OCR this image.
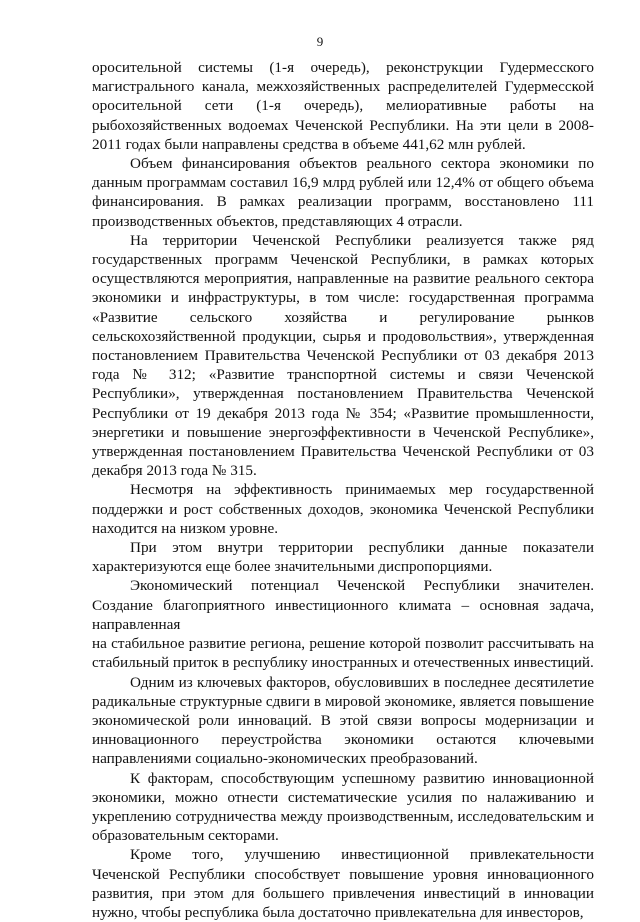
9

оросительной системы (1-я очередь), реконструкции Гудермесского магистрального канала, межхозяйственных распределителей Гудермесской оросительной сети (1-я очередь), мелиоративные работы на рыбохозяйственных водоемах Чеченской Республики. На эти цели в 2008-2011 годах были направлены средства в объеме 441,62 млн рублей.

Объем финансирования объектов реального сектора экономики по данным программам составил 16,9 млрд рублей или 12,4% от общего объема финансирования. В рамках реализации программ, восстановлено 111 производственных объектов, представляющих 4 отрасли.

На территории Чеченской Республики реализуется также ряд государственных программ Чеченской Республики, в рамках которых осуществляются мероприятия, направленные на развитие реального сектора экономики и инфраструктуры, в том числе: государственная программа «Развитие сельского хозяйства и регулирование рынков сельскохозяйственной продукции, сырья и продовольствия», утвержденная постановлением Правительства Чеченской Республики от 03 декабря 2013 года № 312; «Развитие транспортной системы и связи Чеченской Республики», утвержденная постановлением Правительства Чеченской Республики от 19 декабря 2013 года № 354; «Развитие промышленности, энергетики и повышение энергоэффективности в Чеченской Республике», утвержденная постановлением Правительства Чеченской Республики от 03 декабря 2013 года № 315.

Несмотря на эффективность принимаемых мер государственной поддержки и рост собственных доходов, экономика Чеченской Республики находится на низком уровне.

При этом внутри территории республики данные показатели характеризуются еще более значительными диспропорциями.

Экономический потенциал Чеченской Республики значителен. Создание благоприятного инвестиционного климата – основная задача, направленная

на стабильное развитие региона, решение которой позволит рассчитывать на стабильный приток в республику иностранных и отечественных инвестиций.

Одним из ключевых факторов, обусловивших в последнее десятилетие радикальные структурные сдвиги в мировой экономике, является повышение экономической роли инноваций. В этой связи вопросы модернизации и инновационного переустройства экономики остаются ключевыми направлениями социально-экономических преобразований.

К факторам, способствующим успешному развитию инновационной экономики, можно отнести систематические усилия по налаживанию и укреплению сотрудничества между производственным, исследовательским и образовательным секторами.

Кроме того, улучшению инвестиционной привлекательности Чеченской Республики способствует повышение уровня инновационного развития, при этом для большего привлечения инвестиций в инновации нужно, чтобы республика была достаточно привлекательна для инвесторов,
